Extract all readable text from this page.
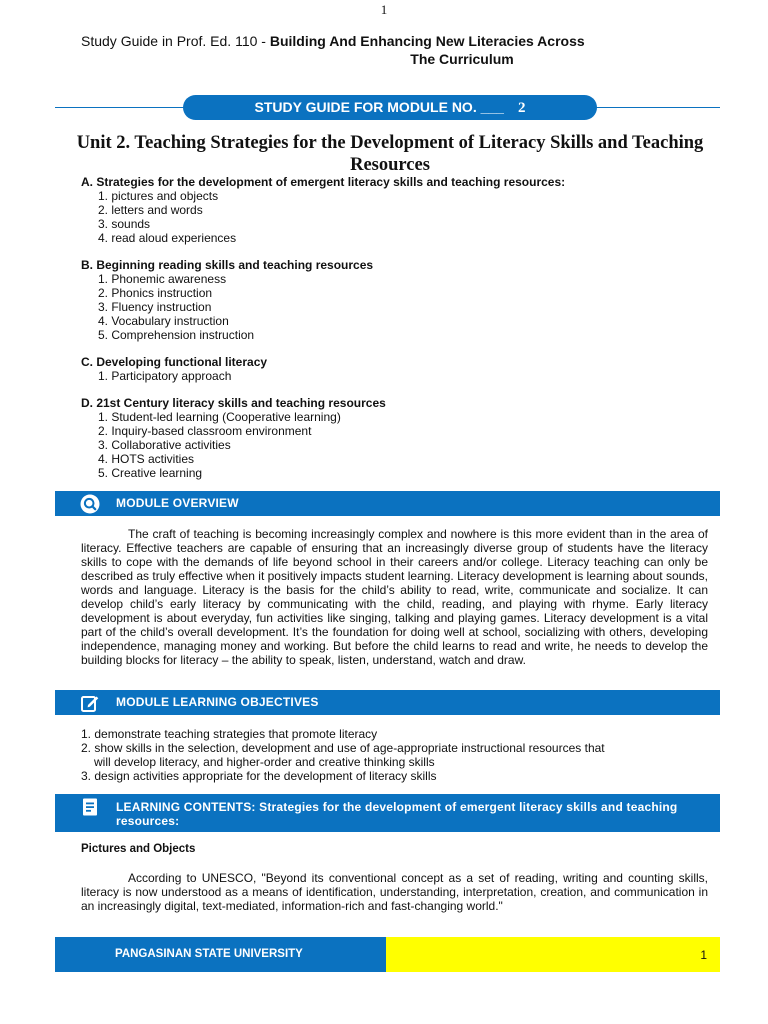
1
Study Guide in Prof. Ed. 110 - Building And Enhancing New Literacies Across
The Curriculum
STUDY GUIDE FOR MODULE NO. ___ 2
Unit 2. Teaching Strategies for the Development of Literacy Skills and Teaching Resources
A. Strategies for the development of emergent literacy skills and teaching resources:
1. pictures and objects
2. letters and words
3. sounds
4. read aloud experiences
B. Beginning reading skills and teaching resources
1. Phonemic awareness
2. Phonics instruction
3. Fluency instruction
4. Vocabulary instruction
5. Comprehension instruction
C. Developing functional literacy
1. Participatory approach
D. 21st Century literacy skills and teaching resources
1. Student-led learning (Cooperative learning)
2. Inquiry-based classroom environment
3. Collaborative activities
4. HOTS activities
5. Creative learning
MODULE OVERVIEW
The craft of teaching is becoming increasingly complex and nowhere is this more evident than in the area of literacy. Effective teachers are capable of ensuring that an increasingly diverse group of students have the literacy skills to cope with the demands of life beyond school in their careers and/or college. Literacy teaching can only be described as truly effective when it positively impacts student learning. Literacy development is learning about sounds, words and language. Literacy is the basis for the child’s ability to read, write, communicate and socialize. It can develop child’s early literacy by communicating with the child, reading, and playing with rhyme. Early literacy development is about everyday, fun activities like singing, talking and playing games. Literacy development is a vital part of the child’s overall development. It’s the foundation for doing well at school, socializing with others, developing independence, managing money and working. But before the child learns to read and write, he needs to develop the building blocks for literacy – the ability to speak, listen, understand, watch and draw.
MODULE LEARNING OBJECTIVES
1. demonstrate teaching strategies that promote literacy
2. show skills in the selection, development and use of age-appropriate instructional resources that
will develop literacy, and higher-order and creative thinking skills
3. design activities appropriate for the development of literacy skills
LEARNING CONTENTS: Strategies for the development of emergent literacy skills and teaching resources:
Pictures and Objects
According to UNESCO, "Beyond its conventional concept as a set of reading, writing and counting skills, literacy is now understood as a means of identification, understanding, interpretation, creation, and communication in an increasingly digital, text-mediated, information-rich and fast-changing world."
PANGASINAN STATE UNIVERSITY	1
